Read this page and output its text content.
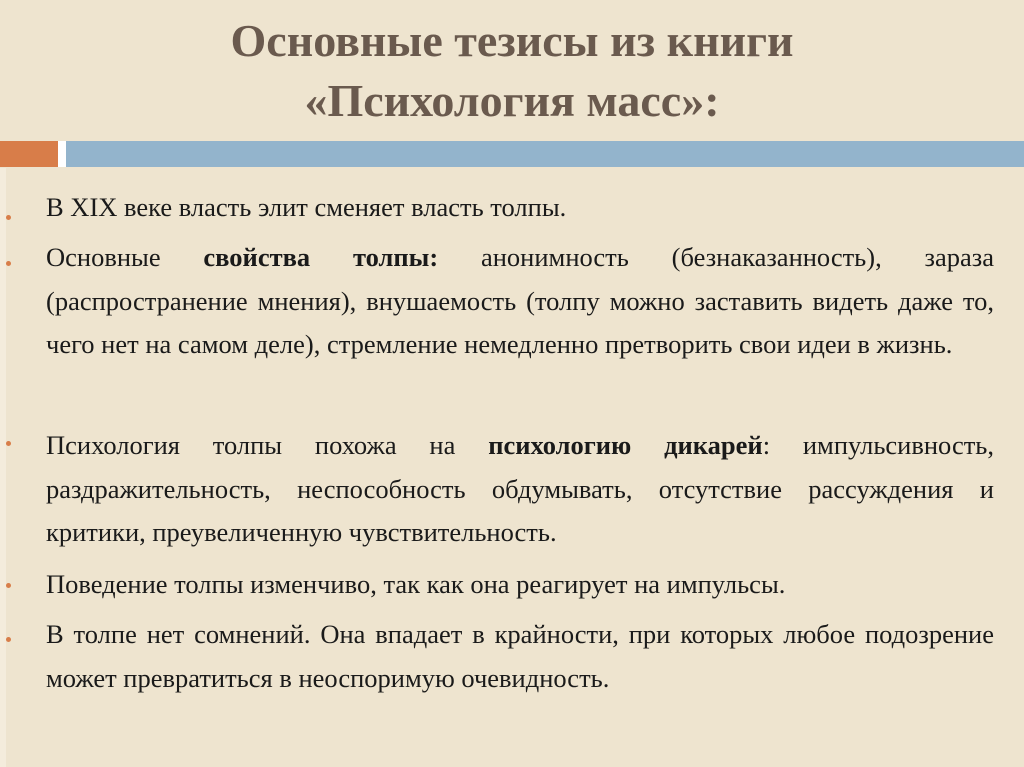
Основные тезисы из книги
«Психология масс»:
В XIX веке власть элит сменяет власть толпы.
Основные свойства толпы: анонимность (безнаказанность), зараза (распространение мнения), внушаемость (толпу можно заставить видеть даже то, чего нет на самом деле), стремление немедленно претворить свои идеи в жизнь.
Психология толпы похожа на психологию дикарей: импульсивность, раздражительность, неспособность обдумывать, отсутствие рассуждения и критики, преувеличенную чувствительность.
Поведение толпы изменчиво, так как она реагирует на импульсы.
В толпе нет сомнений. Она впадает в крайности, при которых любое подозрение может превратиться в неоспоримую очевидность.
